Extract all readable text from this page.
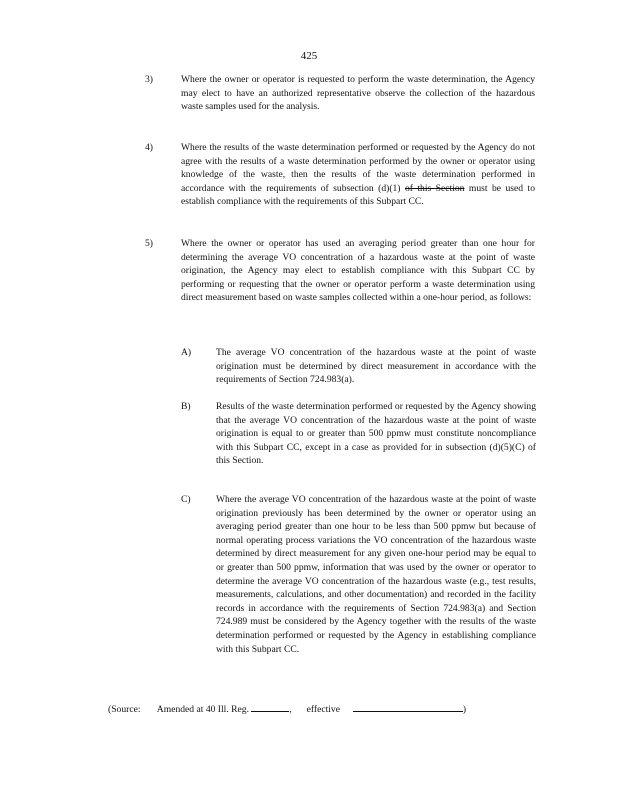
425
3)	Where the owner or operator is requested to perform the waste determination, the Agency may elect to have an authorized representative observe the collection of the hazardous waste samples used for the analysis.
4)	Where the results of the waste determination performed or requested by the Agency do not agree with the results of a waste determination performed by the owner or operator using knowledge of the waste, then the results of the waste determination performed in accordance with the requirements of subsection (d)(1) of this Section must be used to establish compliance with the requirements of this Subpart CC.
5)	Where the owner or operator has used an averaging period greater than one hour for determining the average VO concentration of a hazardous waste at the point of waste origination, the Agency may elect to establish compliance with this Subpart CC by performing or requesting that the owner or operator perform a waste determination using direct measurement based on waste samples collected within a one-hour period, as follows:
A)	The average VO concentration of the hazardous waste at the point of waste origination must be determined by direct measurement in accordance with the requirements of Section 724.983(a).
B)	Results of the waste determination performed or requested by the Agency showing that the average VO concentration of the hazardous waste at the point of waste origination is equal to or greater than 500 ppmw must constitute noncompliance with this Subpart CC, except in a case as provided for in subsection (d)(5)(C) of this Section.
C)	Where the average VO concentration of the hazardous waste at the point of waste origination previously has been determined by the owner or operator using an averaging period greater than one hour to be less than 500 ppmw but because of normal operating process variations the VO concentration of the hazardous waste determined by direct measurement for any given one-hour period may be equal to or greater than 500 ppmw, information that was used by the owner or operator to determine the average VO concentration of the hazardous waste (e.g., test results, measurements, calculations, and other documentation) and recorded in the facility records in accordance with the requirements of Section 724.983(a) and Section 724.989 must be considered by the Agency together with the results of the waste determination performed or requested by the Agency in establishing compliance with this Subpart CC.
(Source: Amended at 40 Ill. Reg.	, effective	)
